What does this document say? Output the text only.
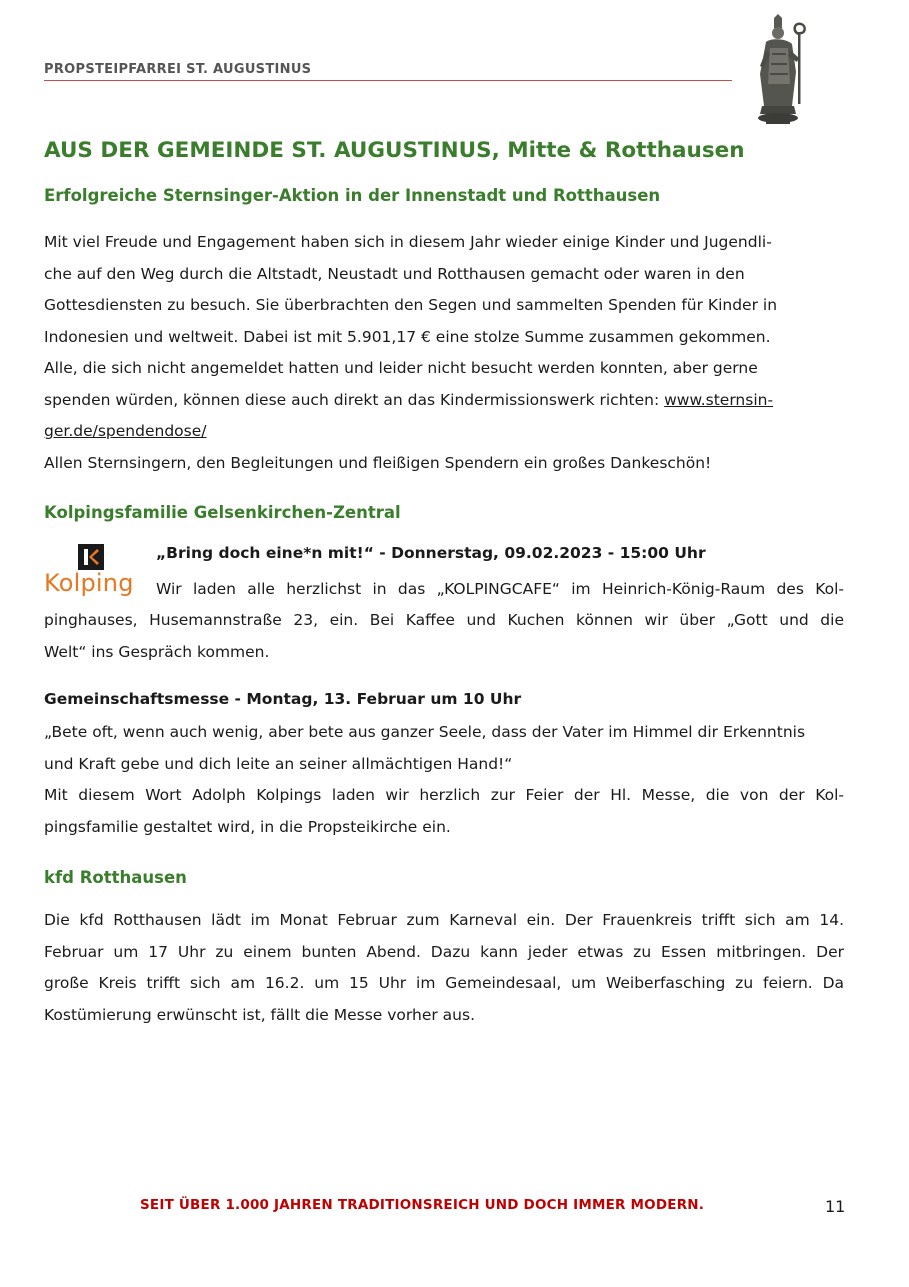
PROPSTEIPFARREI ST. AUGUSTINUS
AUS DER GEMEINDE ST. AUGUSTINUS, Mitte & Rotthausen
Erfolgreiche Sternsinger-Aktion in der Innenstadt und Rotthausen
Mit viel Freude und Engagement haben sich in diesem Jahr wieder einige Kinder und Jugendli-
che auf den Weg durch die Altstadt, Neustadt und Rotthausen gemacht oder waren in den
Gottesdiensten zu besuch. Sie überbrachten den Segen und sammelten Spenden für Kinder in
Indonesien und weltweit. Dabei ist mit 5.901,17 € eine stolze Summe zusammen gekommen.
Alle, die sich nicht angemeldet hatten und leider nicht besucht werden konnten, aber gerne
spenden würden, können diese auch direkt an das Kindermissionswerk richten: www.sternsin-
ger.de/spendendose/
Allen Sternsingern, den Begleitungen und fleißigen Spendern ein großes Dankeschön!
Kolpingsfamilie Gelsenkirchen-Zentral
Kolping
„Bring doch eine*n mit!“ - Donnerstag, 09.02.2023 - 15:00 Uhr
Wir laden alle herzlichst in das „KOLPINGCAFE“ im Heinrich-König-Raum des Kol-
pinghauses, Husemannstraße 23, ein. Bei Kaffee und Kuchen können wir über „Gott und die
Welt“ ins Gespräch kommen.
Gemeinschaftsmesse - Montag, 13. Februar um 10 Uhr
„Bete oft, wenn auch wenig, aber bete aus ganzer Seele, dass der Vater im Himmel dir Erkenntnis
und Kraft gebe und dich leite an seiner allmächtigen Hand!“
Mit diesem Wort Adolph Kolpings laden wir herzlich zur Feier der Hl. Messe, die von der Kol-
pingsfamilie gestaltet wird, in die Propsteikirche ein.
kfd Rotthausen
Die kfd Rotthausen lädt im Monat Februar zum Karneval ein. Der Frauenkreis trifft sich am 14.
Februar um 17 Uhr zu einem bunten Abend. Dazu kann jeder etwas zu Essen mitbringen. Der
große Kreis trifft sich am 16.2. um 15 Uhr im Gemeindesaal, um Weiberfasching zu feiern. Da
Kostümierung erwünscht ist, fällt die Messe vorher aus.
SEIT ÜBER 1.000 JAHREN TRADITIONSREICH UND DOCH IMMER MODERN.	11
